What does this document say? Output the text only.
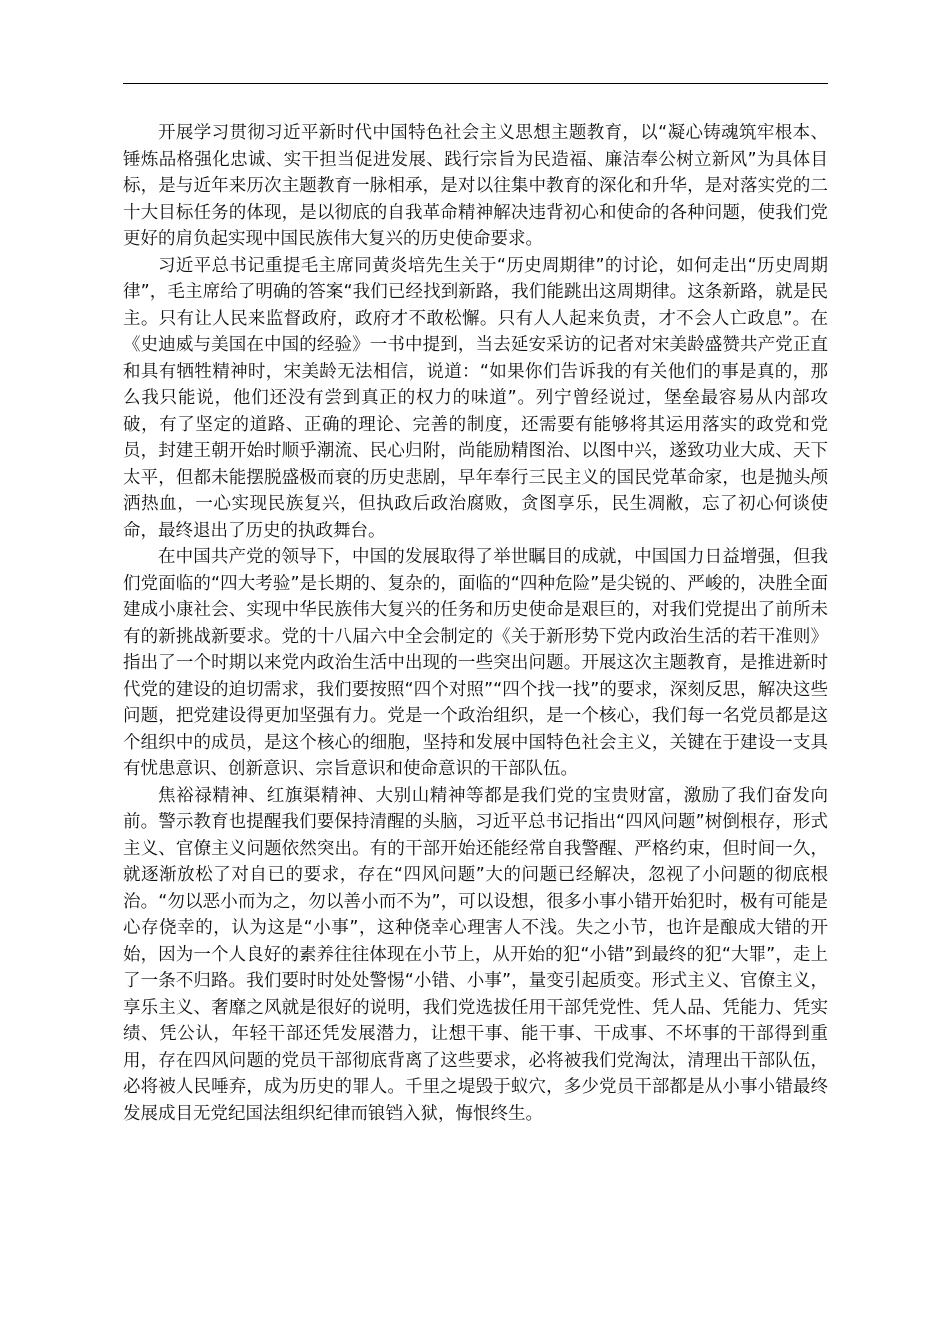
开展学习贯彻习近平新时代中国特色社会主义思想主题教育，以“凝心铸魂筑牢根本、锤炼品格强化忠诚、实干担当促进发展、践行宗旨为民造福、廉洁奉公树立新风”为具体目标，是与近年来历次主题教育一脉相承，是对以往集中教育的深化和升华，是对落实党的二十大目标任务的体现，是以彻底的自我革命精神解决违背初心和使命的各种问题，使我们党更好的肩负起实现中国民族伟大复兴的历史使命要求。

习近平总书记重提毛主席同黄炎培先生关于“历史周期律”的讨论，如何走出“历史周期律”，毛主席给了明确的答案“我们已经找到新路，我们能跳出这周期律。这条新路，就是民主。只有让人民来监督政府，政府才不敢松懈。只有人人起来负责，才不会人亡政息”。在《史迪威与美国在中国的经验》一书中提到，当去延安采访的记者对宋美龄盛赞共产党正直和具有牺牲精神时，宋美龄无法相信，说道：“如果你们告诉我的有关他们的事是真的，那么我只能说，他们还没有尝到真正的权力的味道”。列宁曾经说过，堡垒最容易从内部攻破，有了坚定的道路、正确的理论、完善的制度，还需要有能够将其运用落实的政党和党员，封建王朝开始时顺乎潮流、民心归附，尚能励精图治、以图中兴，遂致功业大成、天下太平，但都未能摆脱盛极而衰的历史悲剧，早年奉行三民主义的国民党革命家，也是抛头颅洒热血，一心实现民族复兴，但执政后政治腐败，贪图享乐，民生凋敝，忘了初心何谈使命，最终退出了历史的执政舞台。

在中国共产党的领导下，中国的发展取得了举世瞩目的成就，中国国力日益增强，但我们党面临的“四大考验”是长期的、复杂的，面临的“四种危险”是尖锐的、严峻的，决胜全面建成小康社会、实现中华民族伟大复兴的任务和历史使命是艰巨的，对我们党提出了前所未有的新挑战新要求。党的十八届六中全会制定的《关于新形势下党内政治生活的若干准则》指出了一个时期以来党内政治生活中出现的一些突出问题。开展这次主题教育，是推进新时代党的建设的迫切需求，我们要按照“四个对照”“四个找一找”的要求，深刻反思，解决这些问题，把党建设得更加坚强有力。党是一个政治组织，是一个核心，我们每一名党员都是这个组织中的成员，是这个核心的细胞，坚持和发展中国特色社会主义，关键在于建设一支具有忧患意识、创新意识、宗旨意识和使命意识的干部队伍。

焦裕禄精神、红旗渠精神、大别山精神等都是我们党的宝贵财富，激励了我们奋发向前。警示教育也提醒我们要保持清醒的头脑，习近平总书记指出“四风问题”树倒根存，形式主义、官僚主义问题依然突出。有的干部开始还能经常自我警醒、严格约束，但时间一久，就逐渐放松了对自已的要求，存在“四风问题”大的问题已经解决，忽视了小问题的彻底根治。“勿以恶小而为之，勿以善小而不为”，可以设想，很多小事小错开始犯时，极有可能是心存侥幸的，认为这是“小事”，这种侥幸心理害人不浅。失之小节，也许是酿成大错的开始，因为一个人良好的素养往往体现在小节上，从开始的犯“小错”到最终的犯“大罪”，走上了一条不归路。我们要时时处处警惕“小错、小事”，量变引起质变。形式主义、官僚主义，享乐主义、奢靡之风就是很好的说明，我们党选拔任用干部凭党性、凭人品、凭能力、凭实绩、凭公认，年轻干部还凭发展潜力，让想干事、能干事、干成事、不坏事的干部得到重用，存在四风问题的党员干部彻底背离了这些要求，必将被我们党淘汰，清理出干部队伍，必将被人民唾弃，成为历史的罪人。千里之堤毁于蚁穴，多少党员干部都是从小事小错最终发展成目无党纪国法组织纪律而锒铛入狱，悔恨终生。
